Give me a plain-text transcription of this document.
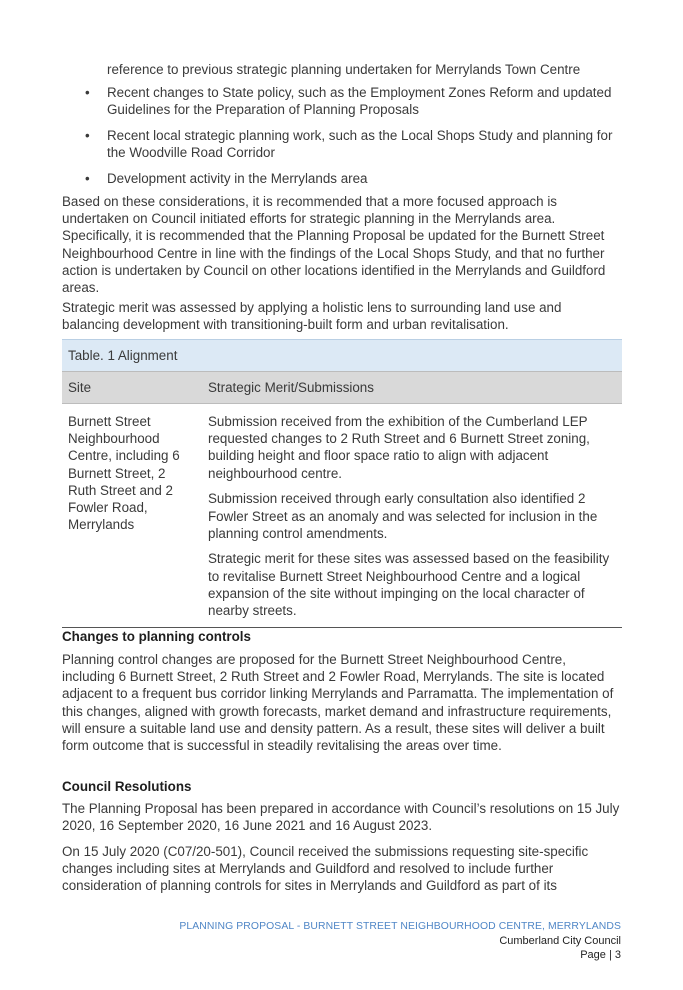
reference to previous strategic planning undertaken for Merrylands Town Centre

• Recent changes to State policy, such as the Employment Zones Reform and updated Guidelines for the Preparation of Planning Proposals
• Recent local strategic planning work, such as the Local Shops Study and planning for the Woodville Road Corridor
• Development activity in the Merrylands area

Based on these considerations, it is recommended that a more focused approach is undertaken on Council initiated efforts for strategic planning in the Merrylands area. Specifically, it is recommended that the Planning Proposal be updated for the Burnett Street Neighbourhood Centre in line with the findings of the Local Shops Study, and that no further action is undertaken by Council on other locations identified in the Merrylands and Guildford areas.

Strategic merit was assessed by applying a holistic lens to surrounding land use and balancing development with transitioning-built form and urban revitalisation.

Table. 1 Alignment	
Site	Strategic Merit/Submissions
Burnett Street Neighbourhood Centre, including 6 Burnett Street, 2 Ruth Street and 2 Fowler Road, Merrylands	Submission received from the exhibition of the Cumberland LEP requested changes to 2 Ruth Street and 6 Burnett Street zoning, building height and floor space ratio to align with adjacent neighbourhood centre.

Submission received through early consultation also identified 2 Fowler Street as an anomaly and was selected for inclusion in the planning control amendments.

Strategic merit for these sites was assessed based on the feasibility to revitalise Burnett Street Neighbourhood Centre and a logical expansion of the site without impinging on the local character of nearby streets.

Changes to planning controls

Planning control changes are proposed for the Burnett Street Neighbourhood Centre, including 6 Burnett Street, 2 Ruth Street and 2 Fowler Road, Merrylands. The site is located adjacent to a frequent bus corridor linking Merrylands and Parramatta. The implementation of this changes, aligned with growth forecasts, market demand and infrastructure requirements, will ensure a suitable land use and density pattern. As a result, these sites will deliver a built form outcome that is successful in steadily revitalising the areas over time.

Council Resolutions

The Planning Proposal has been prepared in accordance with Council’s resolutions on 15 July 2020, 16 September 2020, 16 June 2021 and 16 August 2023.

On 15 July 2020 (C07/20-501), Council received the submissions requesting site-specific changes including sites at Merrylands and Guildford and resolved to include further consideration of planning controls for sites in Merrylands and Guildford as part of its

PLANNING PROPOSAL - BURNETT STREET NEIGHBOURHOOD CENTRE, MERRYLANDS
Cumberland City Council
Page | 3
